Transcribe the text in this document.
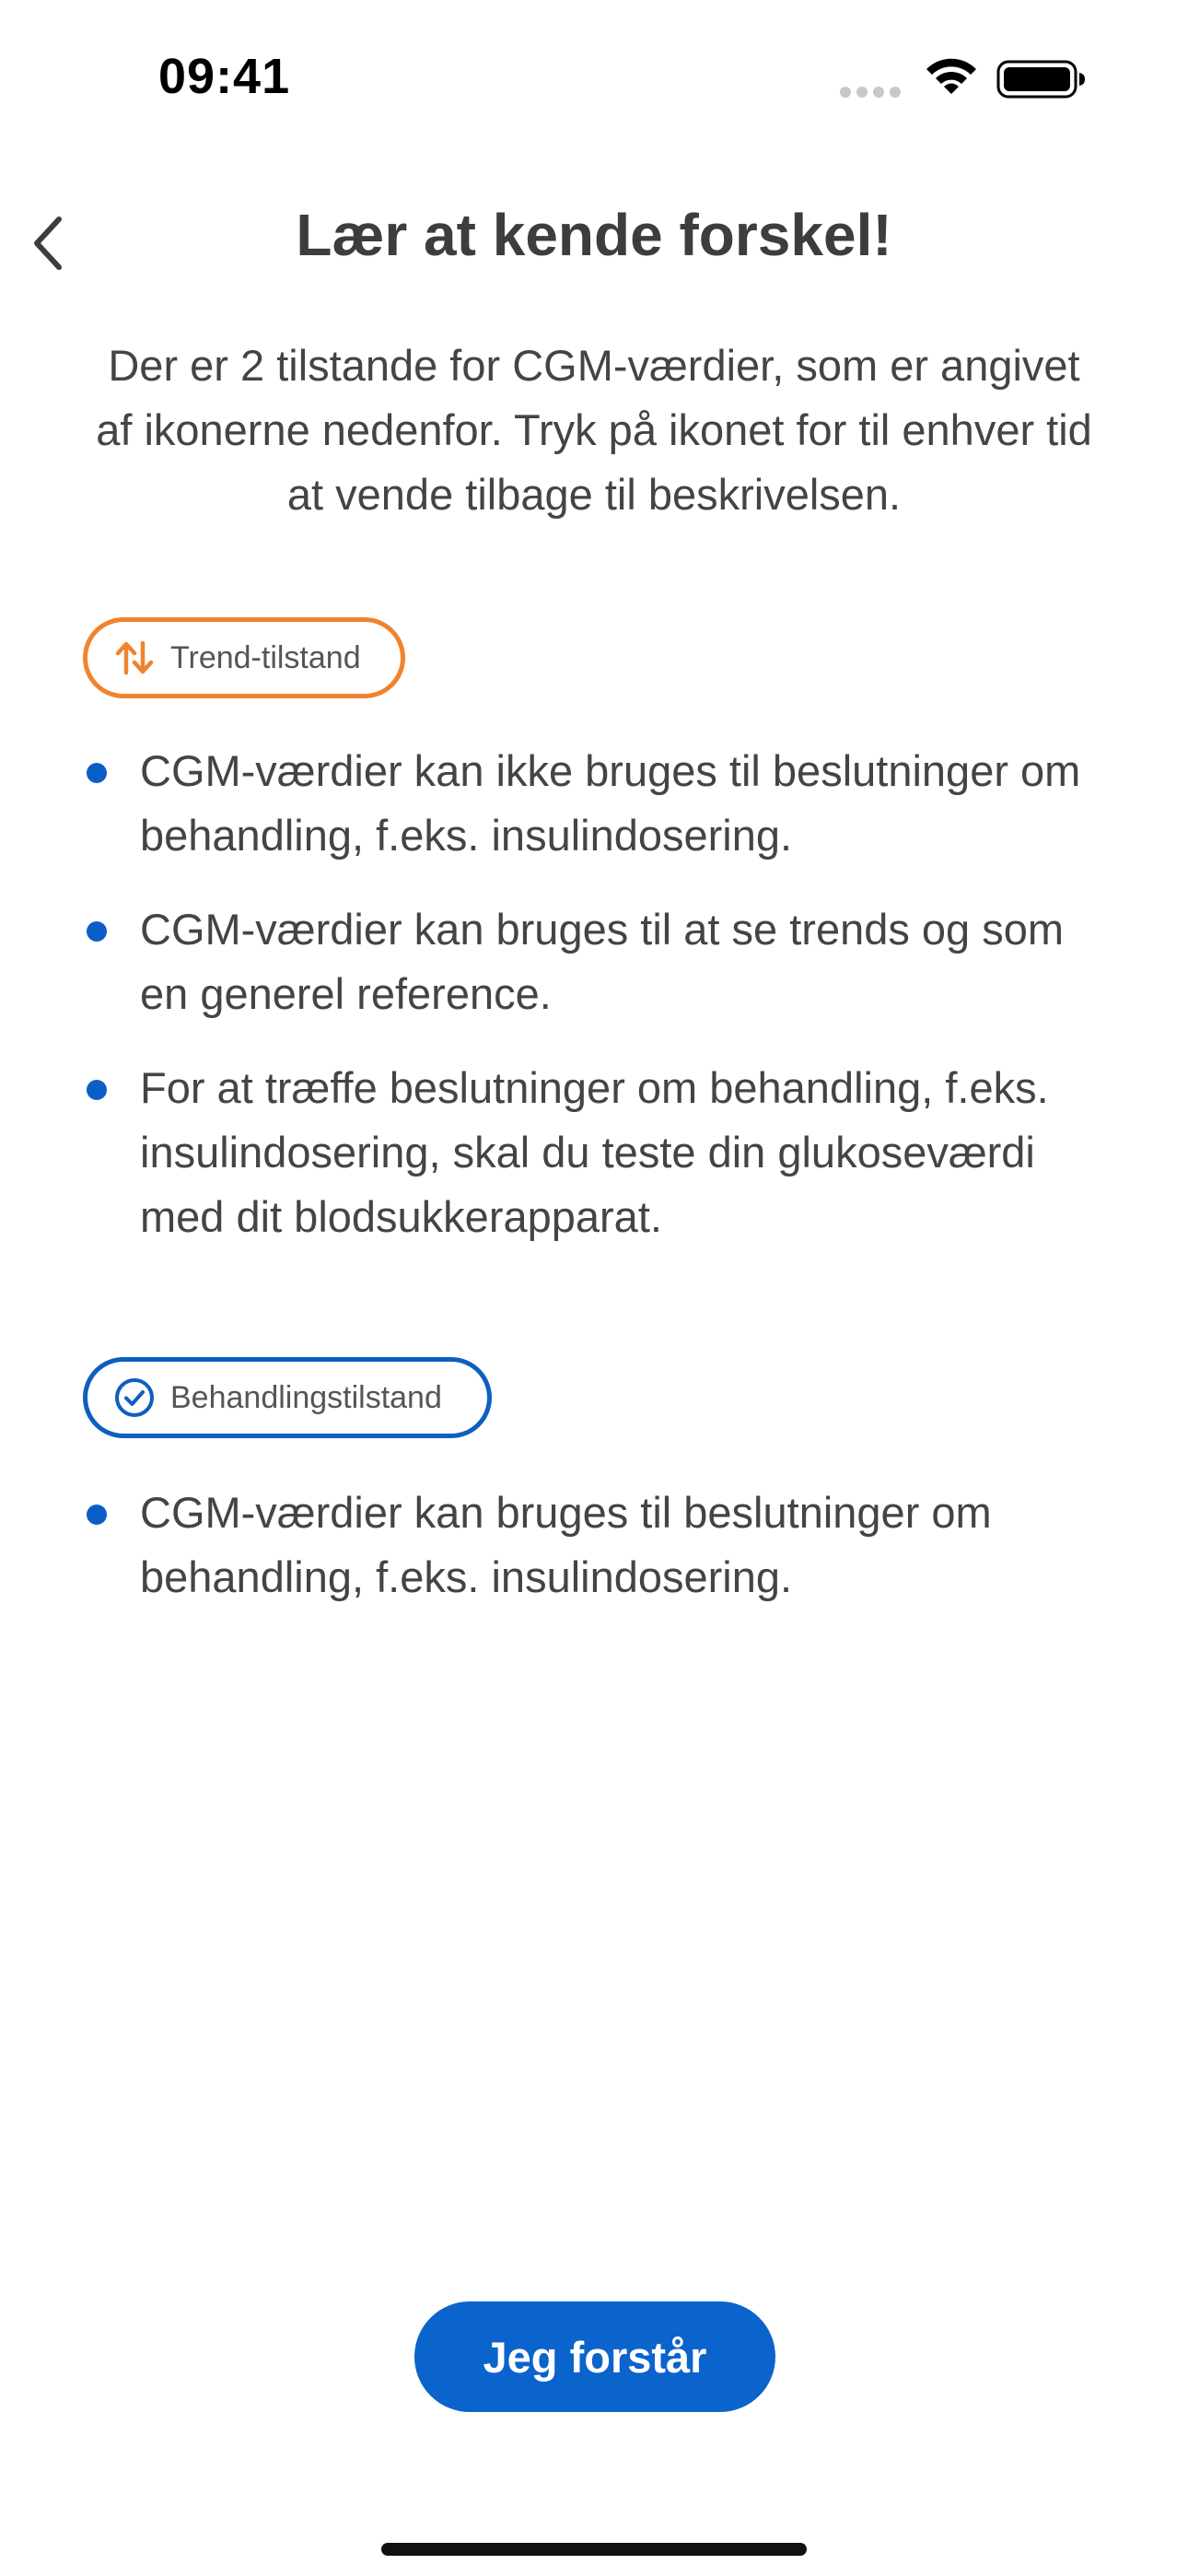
09:41
Lær at kende forskel!
Der er 2 tilstande for CGM-værdier, som er angivet af ikonerne nedenfor. Tryk på ikonet for til enhver tid at vende tilbage til beskrivelsen.
Trend-tilstand
CGM-værdier kan ikke bruges til beslutninger om behandling, f.eks. insulindosering.
CGM-værdier kan bruges til at se trends og som en generel reference.
For at træffe beslutninger om behandling, f.eks. insulindosering, skal du teste din glukoseværdi med dit blodsukkerapparat.
Behandlingstilstand
CGM-værdier kan bruges til beslutninger om behandling, f.eks. insulindosering.
Jeg forstår
